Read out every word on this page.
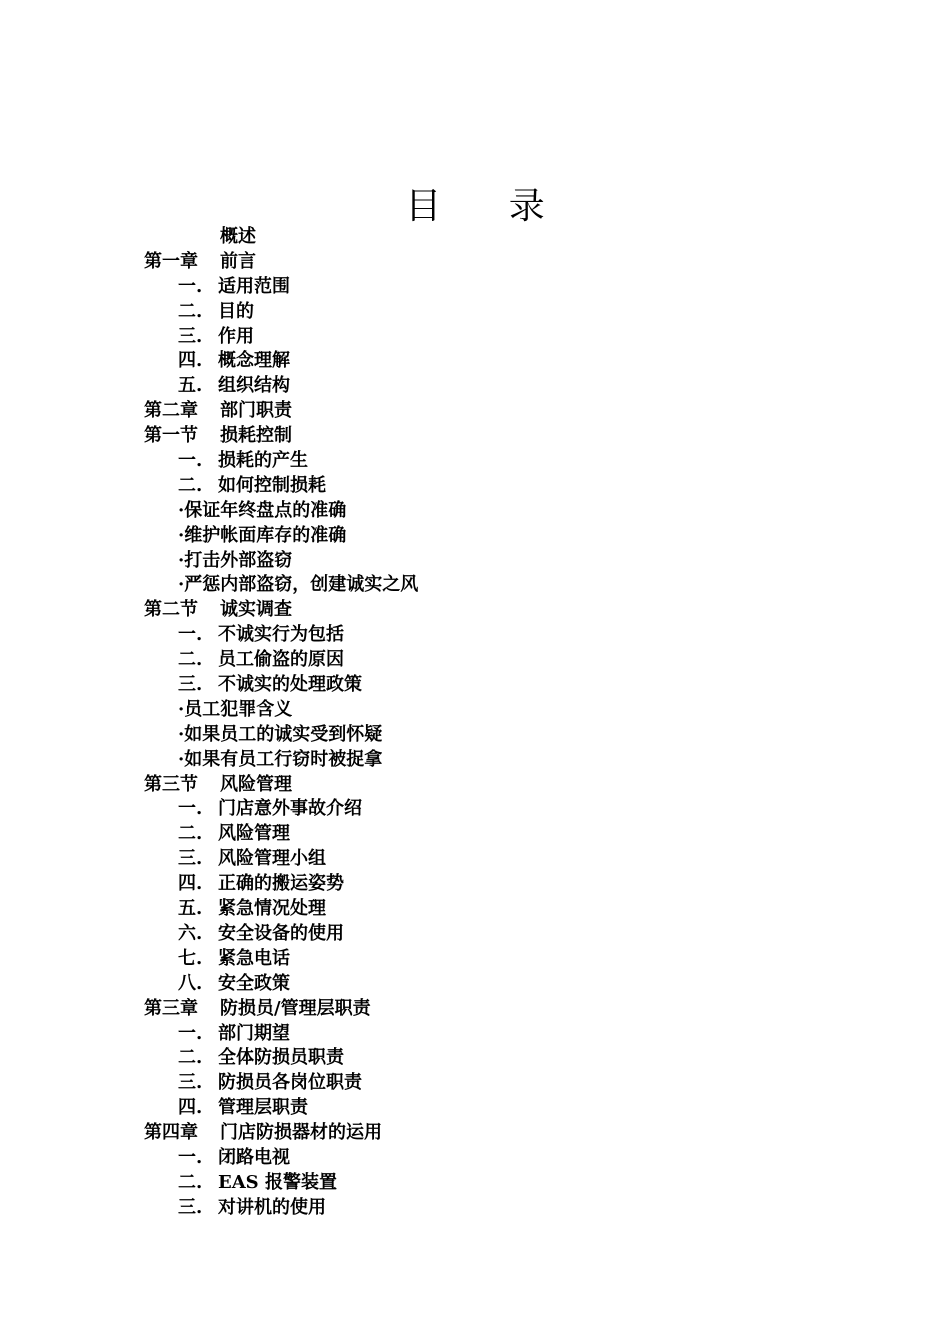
目 录
概述
第一章 前言
一. 适用范围
二. 目的
三. 作用
四. 概念理解
五. 组织结构
第二章 部门职责
第一节 损耗控制
一. 损耗的产生
二. 如何控制损耗
·保证年终盘点的准确
·维护帐面库存的准确
·打击外部盗窃
·严惩内部盗窃，创建诚实之风
第二节 诚实调查
一. 不诚实行为包括
二. 员工偷盗的原因
三. 不诚实的处理政策
·员工犯罪含义
·如果员工的诚实受到怀疑
·如果有员工行窃时被捉拿
第三节 风险管理
一. 门店意外事故介绍
二. 风险管理
三. 风险管理小组
四. 正确的搬运姿势
五. 紧急情况处理
六. 安全设备的使用
七. 紧急电话
八. 安全政策
第三章 防损员/管理层职责
一. 部门期望
二. 全体防损员职责
三. 防损员各岗位职责
四. 管理层职责
第四章 门店防损器材的运用
一. 闭路电视
二. EAS 报警装置
三. 对讲机的使用
